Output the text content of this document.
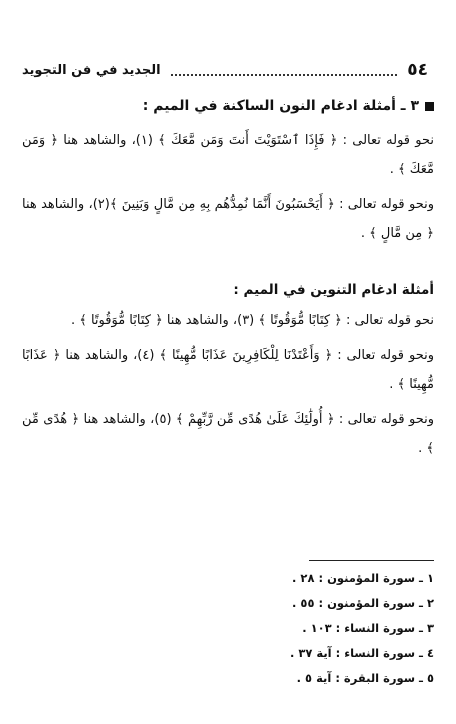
٥٤
الجديد في فن التجويد
٣ ـ أمثلة ادغام النون الساكنة في الميم :

نحو قوله تعالى : ﴿ فَإِذَا ٱسْتَوَيْتَ أَنتَ وَمَن مَّعَكَ ﴾ (١)، والشاهد هنا ﴿ وَمَن مَّعَكَ ﴾ .

ونحو قوله تعالى : ﴿ أَيَحْسَبُونَ أَنَّمَا نُمِدُّهُم بِهِ مِن مَّالٍ وَبَنِينَ ﴾(٢)، والشاهد هنا ﴿ مِن مَّالٍ ﴾ .

أمثلة ادغام التنوين في الميم :

نحو قوله تعالى : ﴿ كِتَابًا مُّوَقُوتًا ﴾ (٣)، والشاهد هنا ﴿ كِتَابًا مُّوَقُوتًا ﴾ .

ونحو قوله تعالى : ﴿ وَأَعْتَدْنَا لِلْكَافِرِينَ عَذَابًا مُّهِينًا ﴾ (٤)، والشاهد هنا ﴿ عَذَابًا مُّهِينًا ﴾ .

ونحو قوله تعالى : ﴿ أُولَٰئِكَ عَلَىٰ هُدًى مِّن رَّبِّهِمْ ﴾ (٥)، والشاهد هنا ﴿ هُدًى مِّن ﴾ .

١ ـ سورة المؤمنون : ٢٨ .
٢ ـ سورة المؤمنون : ٥٥ .
٣ ـ سورة النساء : ١٠٣ .
٤ ـ سورة النساء : آية ٣٧ .
٥ ـ سورة البقرة : آية ٥ .
